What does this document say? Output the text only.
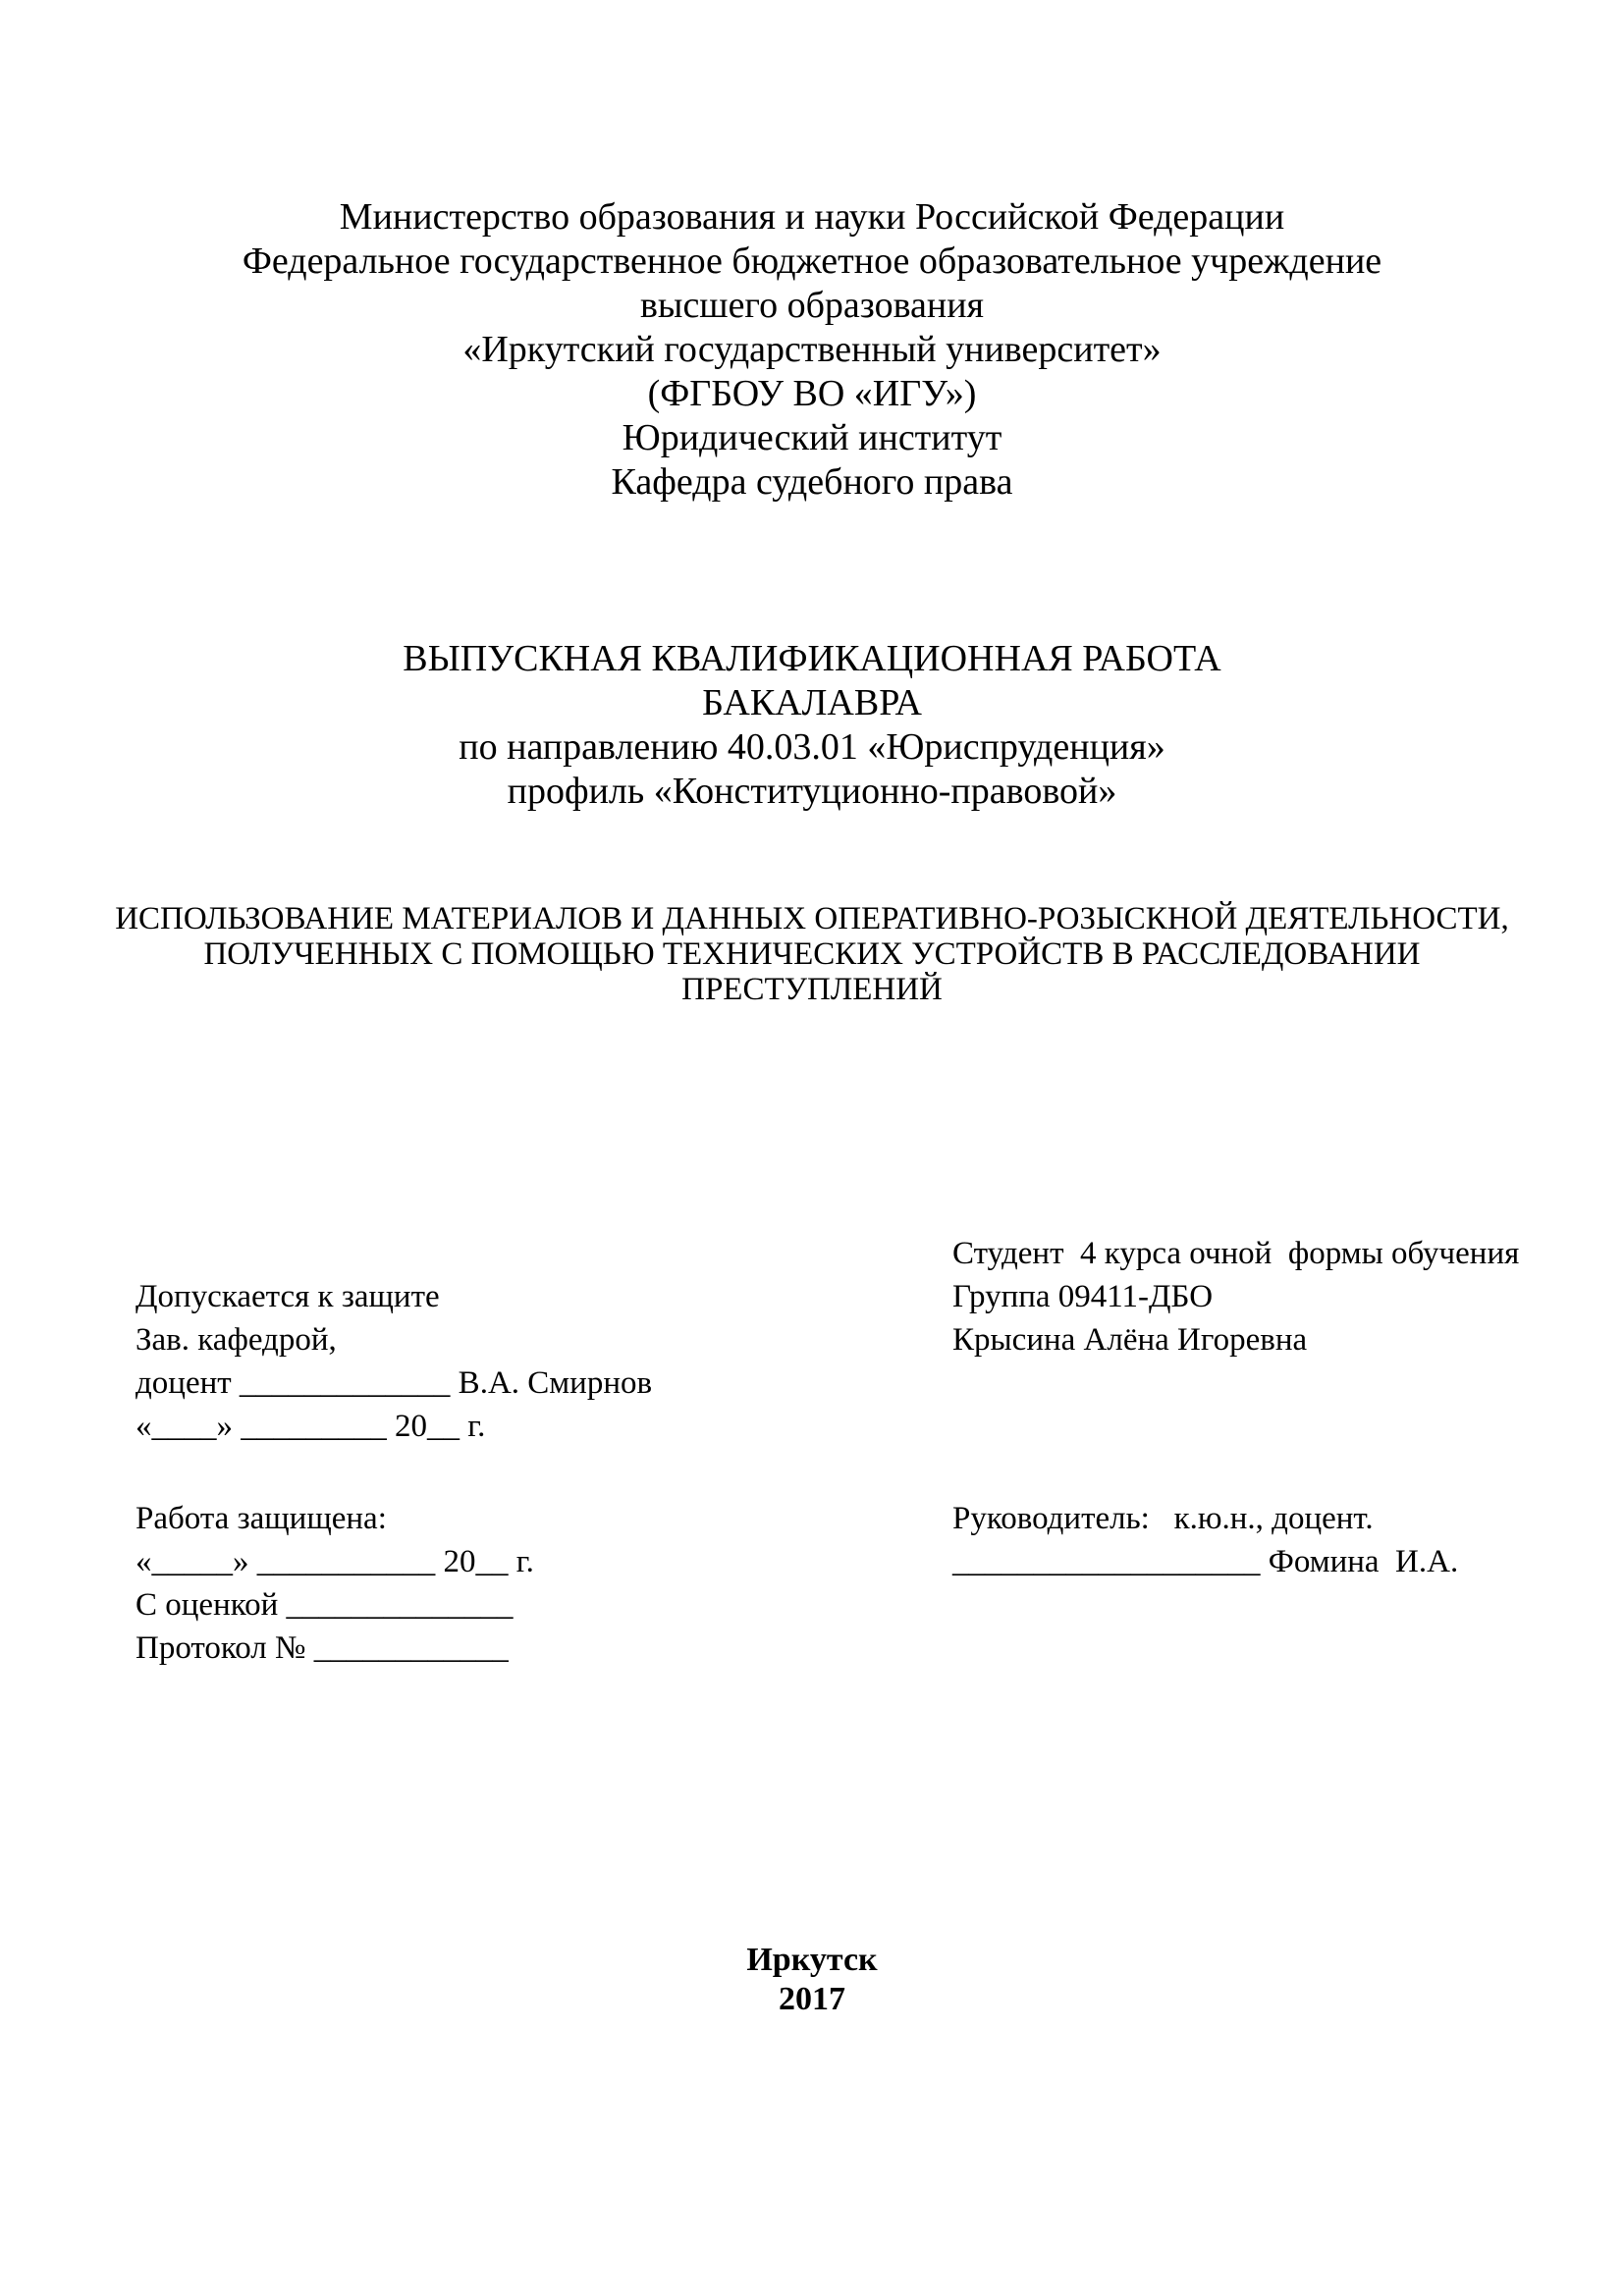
Министерство образования и науки Российской Федерации
Федеральное государственное бюджетное образовательное учреждение
высшего образования
«Иркутский государственный университет»
(ФГБОУ ВО «ИГУ»)
Юридический институт
Кафедра судебного права
ВЫПУСКНАЯ КВАЛИФИКАЦИОННАЯ РАБОТА
БАКАЛАВРА
по направлению 40.03.01 «Юриспруденция»
профиль «Конституционно-правовой»
ИСПОЛЬЗОВАНИЕ МАТЕРИАЛОВ И ДАННЫХ ОПЕРАТИВНО-РОЗЫСКНОЙ ДЕЯТЕЛЬНОСТИ,
ПОЛУЧЕННЫХ С ПОМОЩЬЮ ТЕХНИЧЕСКИХ УСТРОЙСТВ В РАССЛЕДОВАНИИ
ПРЕСТУПЛЕНИЙ
Студент  4 курса очной  формы обучения
Группа 09411-ДБО
Крысина Алёна Игоревна
Допускается к защите
Зав. кафедрой,
доцент _____________ В.А. Смирнов
«____» _________ 20__ г.
Работа защищена:
«_____» ___________ 20__ г.
С оценкой ______________
Протокол № ____________
Руководитель:   к.ю.н., доцент.
___________________ Фомина  И.А.
Иркутск
2017
